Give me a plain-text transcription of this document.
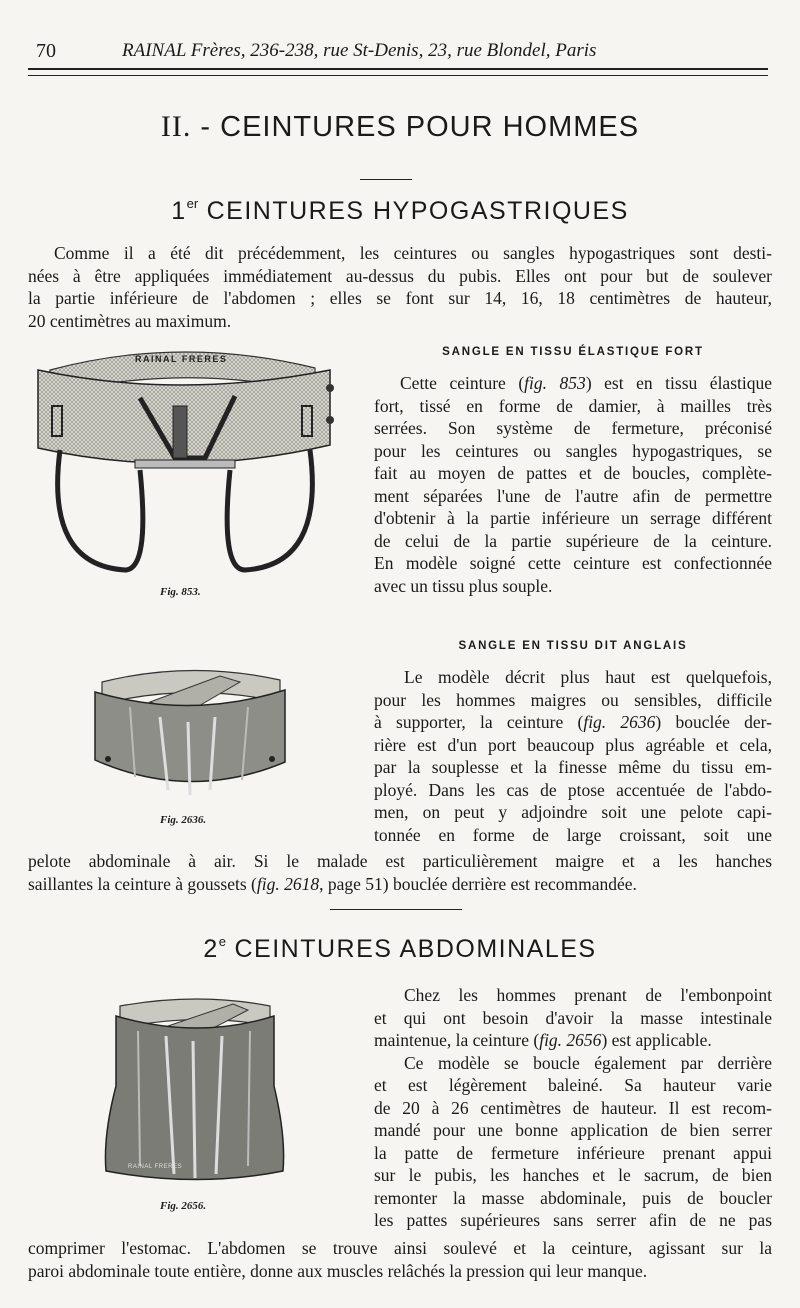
70	RAINAL Frères, 236-238, rue St-Denis, 23, rue Blondel, Paris
II. - CEINTURES POUR HOMMES
1er CEINTURES HYPOGASTRIQUES
Comme il a été dit précédemment, les ceintures ou sangles hypogastriques sont desti-
nées à être appliquées immédiatement au-dessus du pubis. Elles ont pour but de soulever
la partie inférieure de l'abdomen ; elles se font sur 14, 16, 18 centimètres de hauteur,
20 centimètres au maximum.
RAINAL FRERES
Fig. 853.
SANGLE EN TISSU ÉLASTIQUE FORT
Cette ceinture (fig. 853) est en tissu élastique
fort, tissé en forme de damier, à mailles très
serrées. Son système de fermeture, préconisé
pour les ceintures ou sangles hypogastriques, se
fait au moyen de pattes et de boucles, complète-
ment séparées l'une de l'autre afin de permettre
d'obtenir à la partie inférieure un serrage différent
de celui de la partie supérieure de la ceinture.
En modèle soigné cette ceinture est confectionnée
avec un tissu plus souple.
Fig. 2636.
SANGLE EN TISSU DIT ANGLAIS
Le modèle décrit plus haut est quelquefois,
pour les hommes maigres ou sensibles, difficile
à supporter, la ceinture (fig. 2636) bouclée der-
rière est d'un port beaucoup plus agréable et cela,
par la souplesse et la finesse même du tissu em-
ployé. Dans les cas de ptose accentuée de l'abdo-
men, on peut y adjoindre soit une pelote capi-
tonnée en forme de large croissant, soit une
pelote abdominale à air. Si le malade est particulièrement maigre et a les hanches
saillantes la ceinture à goussets (fig. 2618, page 51) bouclée derrière est recommandée.
2e CEINTURES ABDOMINALES
RAINAL FRERES
Fig. 2656.
Chez les hommes prenant de l'embonpoint
et qui ont besoin d'avoir la masse intestinale
maintenue, la ceinture (fig. 2656) est applicable.
Ce modèle se boucle également par derrière
et est légèrement baleiné. Sa hauteur varie
de 20 à 26 centimètres de hauteur. Il est recom-
mandé pour une bonne application de bien serrer
la patte de fermeture inférieure prenant appui
sur le pubis, les hanches et le sacrum, de bien
remonter la masse abdominale, puis de boucler
les pattes supérieures sans serrer afin de ne pas
comprimer l'estomac. L'abdomen se trouve ainsi soulevé et la ceinture, agissant sur la
paroi abdominale toute entière, donne aux muscles relâchés la pression qui leur manque.
